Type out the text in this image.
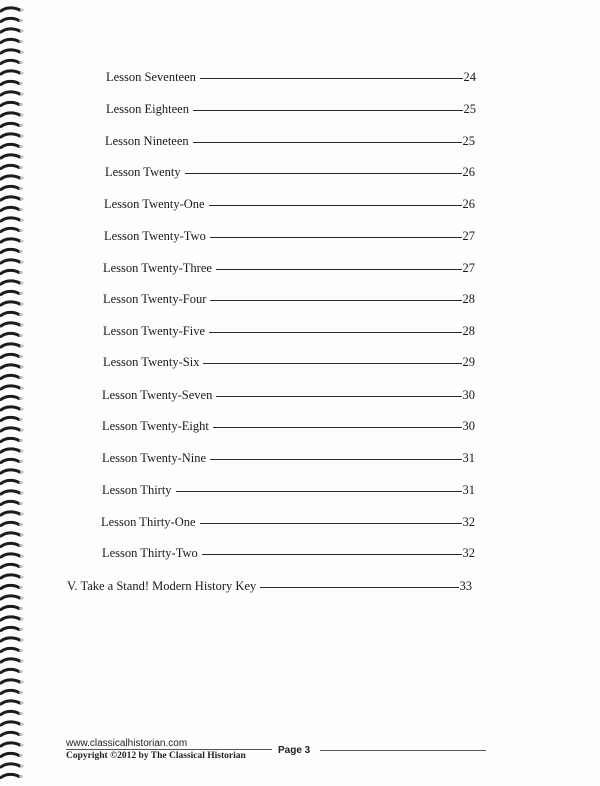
Lesson Seventeen	24
Lesson Eighteen	25
Lesson Nineteen	25
Lesson Twenty	26
Lesson Twenty-One	26
Lesson Twenty-Two	27
Lesson Twenty-Three	27
Lesson Twenty-Four	28
Lesson Twenty-Five	28
Lesson Twenty-Six	29
Lesson Twenty-Seven	30
Lesson Twenty-Eight	30
Lesson Twenty-Nine	31
Lesson Thirty	31
Lesson Thirty-One	32
Lesson Thirty-Two	32
V. Take a Stand! Modern History Key	33
www.classicalhistorian.com
Copyright ©2012 by The Classical Historian	Page 3
